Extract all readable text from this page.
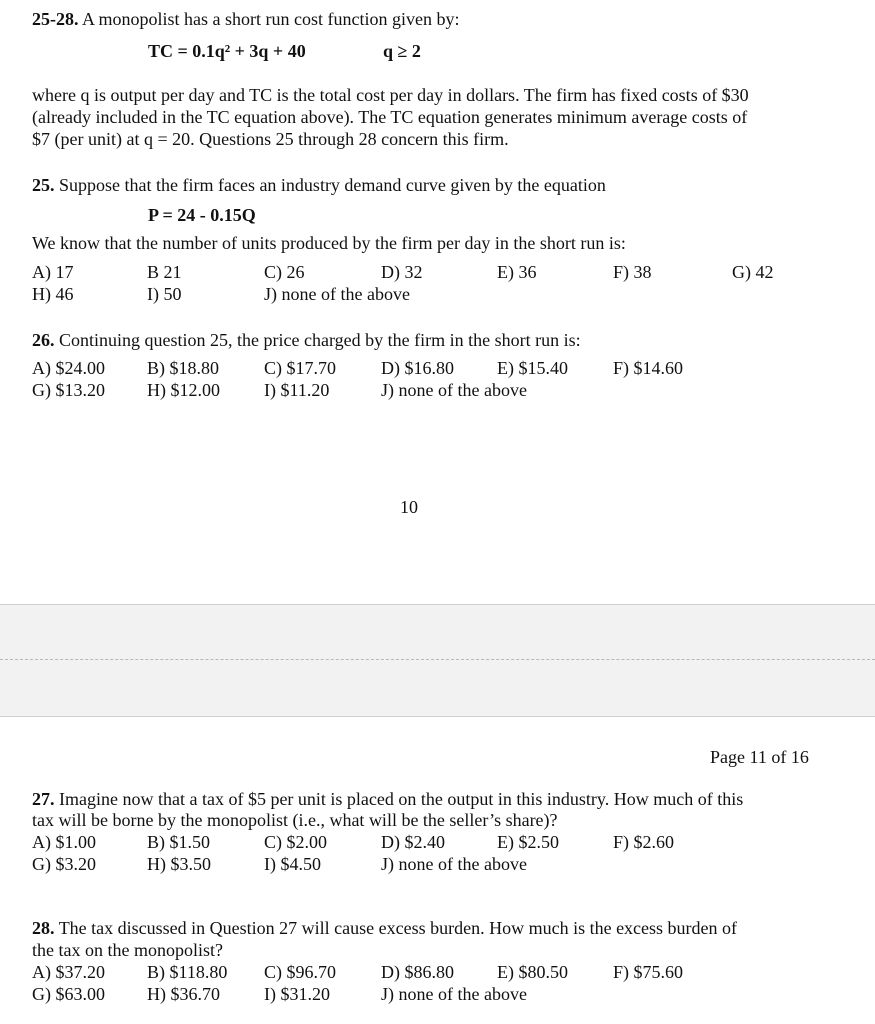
25-28. A monopolist has a short run cost function given by:
TC = 0.1q² + 3q + 40	q ≥ 2
where q is output per day and TC is the total cost per day in dollars. The firm has fixed costs of $30
(already included in the TC equation above). The TC equation generates minimum average costs of
$7 (per unit) at q = 20. Questions 25 through 28 concern this firm.
25. Suppose that the firm faces an industry demand curve given by the equation
P = 24 - 0.15Q
We know that the number of units produced by the firm per day in the short run is:
A) 17	B 21	C) 26	D) 32	E) 36	F) 38	G) 42
H) 46	I) 50	J) none of the above
26. Continuing question 25, the price charged by the firm in the short run is:
A) $24.00 B) $18.80	C) $17.70	D) $16.80 E) $15.40	F) $14.60
G) $13.20 H) $12.00 I) $11.20	J) none of the above
10
Page 11 of 16
27. Imagine now that a tax of $5 per unit is placed on the output in this industry. How much of this
tax will be borne by the monopolist (i.e., what will be the seller’s share)?
A) $1.00	B) $1.50	C) $2.00	D) $2.40	E) $2.50	F) $2.60
G) $3.20	H) $3.50	I) $4.50	J) none of the above
28. The tax discussed in Question 27 will cause excess burden. How much is the excess burden of
the tax on the monopolist?
A) $37.20 B) $118.80 C) $96.70	D) $86.80 E) $80.50	F) $75.60
G) $63.00 H) $36.70 I) $31.20	J) none of the above
